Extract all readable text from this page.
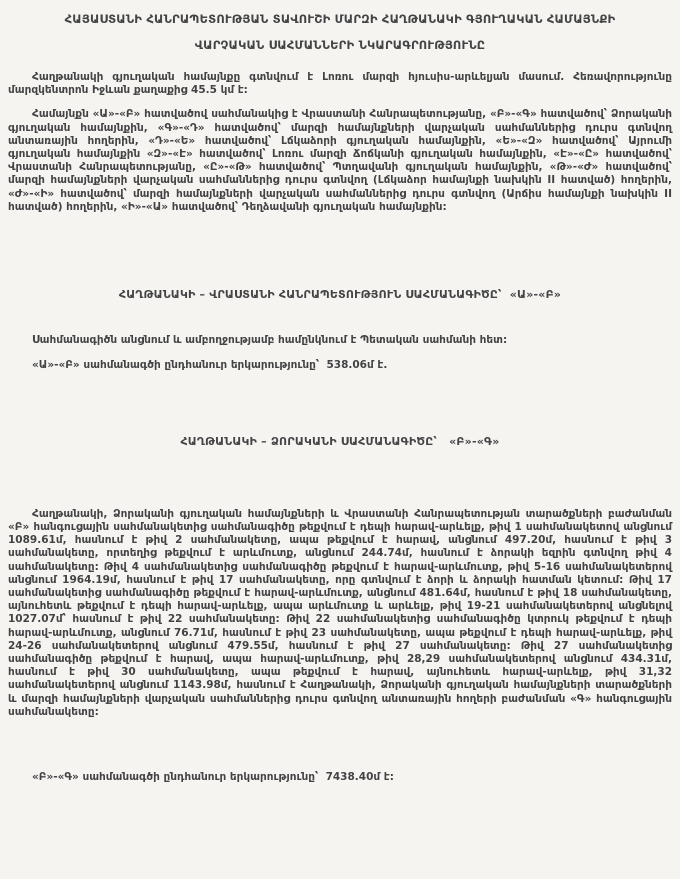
ՀԱՅԱՍՏԱՆԻ ՀԱՆՐԱՊԵՏՈՒԹՅԱՆ ՏԱՎՈՒՇԻ ՄԱՐԶԻ ՀԱՂԹԱՆԱԿԻ ԳՅՈՒՂԱԿԱՆ ՀԱՄԱՅՆՔԻ
ՎԱՐՉԱԿԱՆ ՍԱՀՄԱՆՆԵՐԻ ՆԿԱՐԱԳՐՈՒԹՅՈՒՆԸ

Հաղթանակի գյուղական համայնքը գտնվում է Լոռու մարզի հյուսիս-արևելյան մասում. Հեռավորությունը մարզկենտրոն Իջևան քաղաքից 45.5 կմ է:

Համայնքն «Ա»-«Բ» հատվածով սահմանակից է Վրաստանի Հանրապետությանը, «Բ»-«Գ» հատվածով՝ Ձորականի գյուղական համայնքին, «Գ»-«Դ» հատվածով՝ մարզի համայնքների վարչական սահմաններից դուրս գտնվող անտառային հողերին, «Դ»-«Ե» հատվածով՝ Լճկաձորի գյուղական համայնքին, «Ե»-«Զ» հատվածով՝ Այրումի գյուղական համայնքին «Զ»-«Է» հատվածով՝ Լոռու մարզի Ճոճկանի գյուղական համայնքին, «Է»-«Ը» հատվածով՝ Վրաստանի Հանրապետությանը, «Ը»-«Թ» հատվածով՝ Պտղավանի գյուղական համայնքին, «Թ»-«Ժ» հատվածով՝ մարզի համայնքների վարչական սահմաններից դուրս գտնվող (Լճկաձոր համայնքի նախկին II հատված) հողերին, «Ժ»-«Ի» հատվածով՝ մարզի համայնքների վարչական սահմաններից դուրս գտնվող (Արճիս համայնքի նախկին II հատված) հողերին, «Ի»-«Ա» հատվածով՝ Դեղձավանի գյուղական համայնքին:

ՀԱՂԹԱՆԱԿԻ – ՎՐԱՍՏԱՆԻ ՀԱՆՐԱՊԵՏՈՒԹՅՈՒՆ ՍԱՀՄԱՆԱԳԻԾԸ՝  «Ա»-«Բ»

Սահմանագիծն անցնում և ամբողջությամբ համընկնում է Պետական սահմանի հետ:

«Ա»-«Բ» սահմանագծի ընդհանուր երկարությունը՝  538.06մ է.

ՀԱՂԹԱՆԱԿԻ – ՁՈՐԱԿԱՆԻ ՍԱՀՄԱՆԱԳԻԾԸ՝   «Բ»-«Գ»

Հաղթանակի, Ձորականի գյուղական համայնքների և Վրաստանի Հանրապետության տարածքների բաժանման «Բ» հանգուցային սահմանակետից սահմանագիծը թեքվում է դեպի հարավ-արևելք, թիվ 1 սահմանակետով անցնում 1089.61մ, հասնում է թիվ 2 սահմանակետը, ապա թեքվում է հարավ, անցնում 497.20մ, հասնում է թիվ 3 սահմանակետը, որտեղից թեքվում է արևմուտք, անցնում 244.74մ, հասնում է ձորակի եզրին գտնվող թիվ 4 սահմանակետը: Թիվ 4 սահմանակետից սահմանագիծը թեքվում է հարավ-արևմուտք, թիվ 5-16 սահմանակետերով անցնում 1964.19մ, հասնում է թիվ 17 սահմանակետը, որը գտնվում է ձորի և ձորակի հատման կետում: Թիվ 17 սահմանակետից սահմանագիծը թեքվում է հարավ-արևմուտք, անցնում 481.64մ, հասնում է թիվ 18 սահմանակետը, այնուհետև թեքվում է դեպի հարավ-արևելք, ապա արևմուտք և արևելք, թիվ 19-21 սահմանակետերով անցնելով 1027.07մ՝ հասնում է թիվ 22 սահմանակետը: Թիվ 22 սահմանակետից սահմանագիծը կտրուկ թեքվում է դեպի հարավ-արևմուտք, անցնում 76.71մ, հասնում է թիվ 23 սահմանակետը, ապա թեքվում է դեպի հարավ-արևելք, թիվ 24-26 սահմանակետերով անցնում 479.55մ, հասնում է թիվ 27 սահմանակետը: Թիվ 27 սահմանակետից սահմանագիծը թեքվում է հարավ, ապա հարավ-արևմուտք, թիվ 28,29 սահմանակետերով անցնում 434.31մ, հասնում է թիվ 30 սահմանակետը, ապա թեքվում է հարավ, այնուհետև հարավ-արևելք, թիվ 31,32 սահմանակետերով անցնում 1143.98մ, հասնում է Հաղթանակի, Ձորականի գյուղական համայնքների տարածքների և մարզի համայնքների վարչական սահմաններից դուրս գտնվող անտառային հողերի բաժանման «Գ» հանգուցային սահմանակետը:

«Բ»-«Գ» սահմանագծի ընդհանուր երկարությունը՝  7438.40մ է:
